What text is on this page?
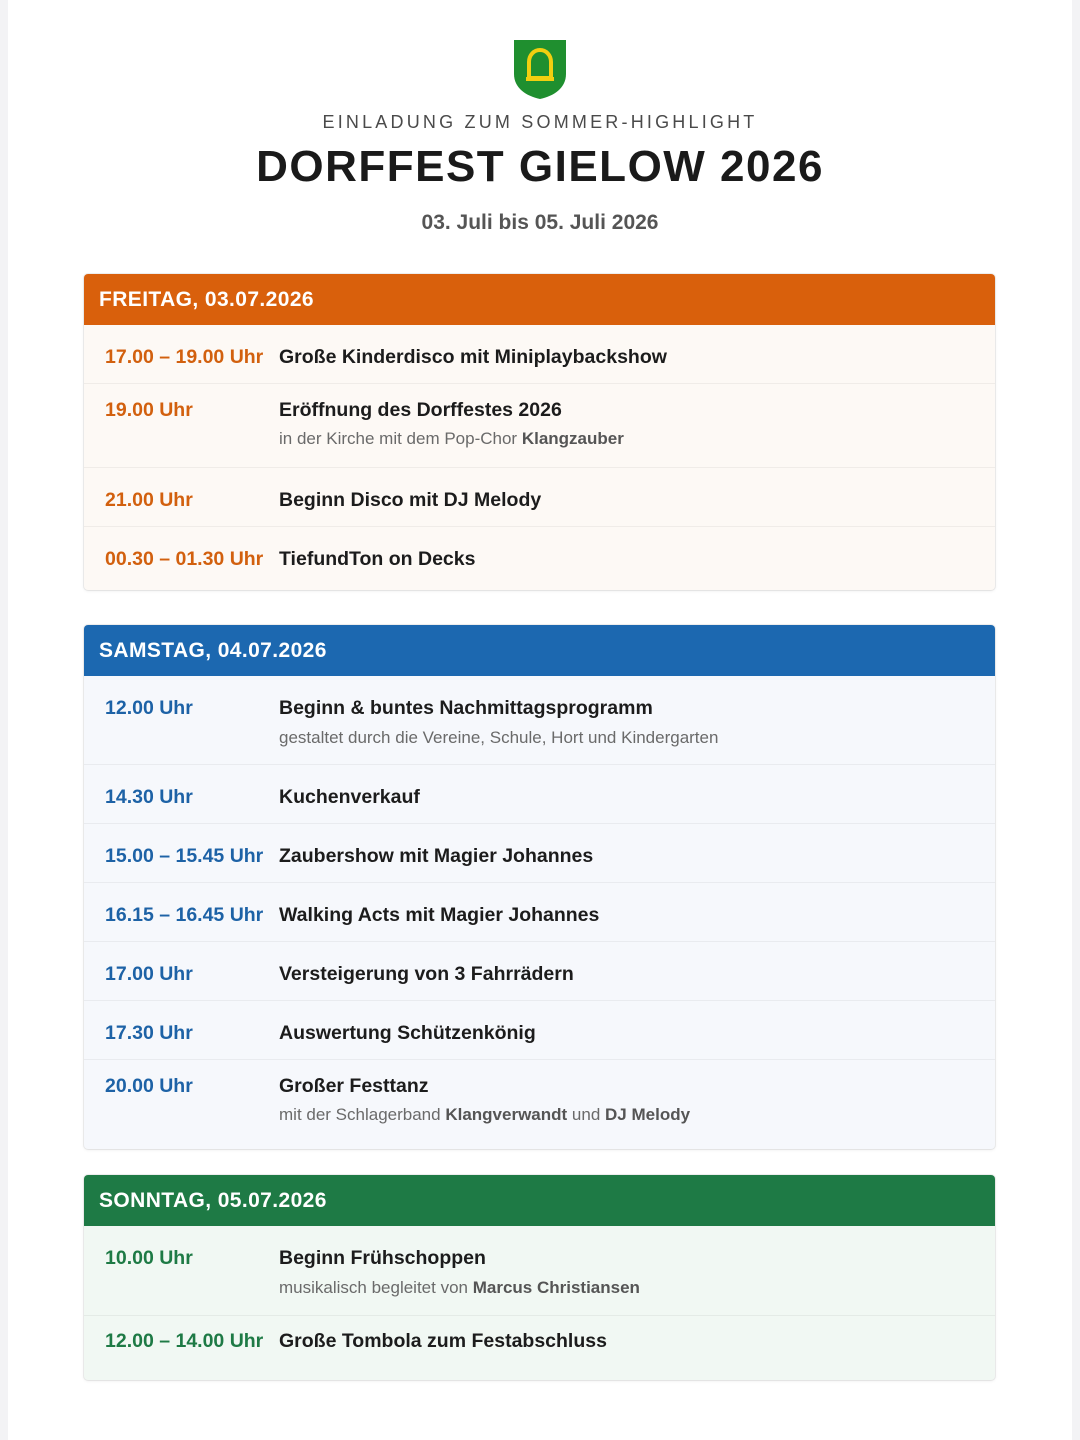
EINLADUNG ZUM SOMMER-HIGHLIGHT
DORFFEST GIELOW 2026
03. Juli bis 05. Juli 2026
FREITAG, 03.07.2026
17.00 – 19.00 Uhr Große Kinderdisco mit Miniplaybackshow
19.00 Uhr	Eröffnung des Dorffestes 2026
in der Kirche mit dem Pop-Chor Klangzauber
21.00 Uhr	Beginn Disco mit DJ Melody
00.30 – 01.30 Uhr TiefundTon on Decks
SAMSTAG, 04.07.2026
12.00 Uhr	Beginn & buntes Nachmittagsprogramm
gestaltet durch die Vereine, Schule, Hort und Kindergarten
14.30 Uhr	Kuchenverkauf
15.00 – 15.45 Uhr Zaubershow mit Magier Johannes
16.15 – 16.45 Uhr Walking Acts mit Magier Johannes
17.00 Uhr	Versteigerung von 3 Fahrrädern
17.30 Uhr	Auswertung Schützenkönig
20.00 Uhr	Großer Festtanz
mit der Schlagerband Klangverwandt und DJ Melody
SONNTAG, 05.07.2026
10.00 Uhr	Beginn Frühschoppen
musikalisch begleitet von Marcus Christiansen
12.00 – 14.00 Uhr Große Tombola zum Festabschluss
